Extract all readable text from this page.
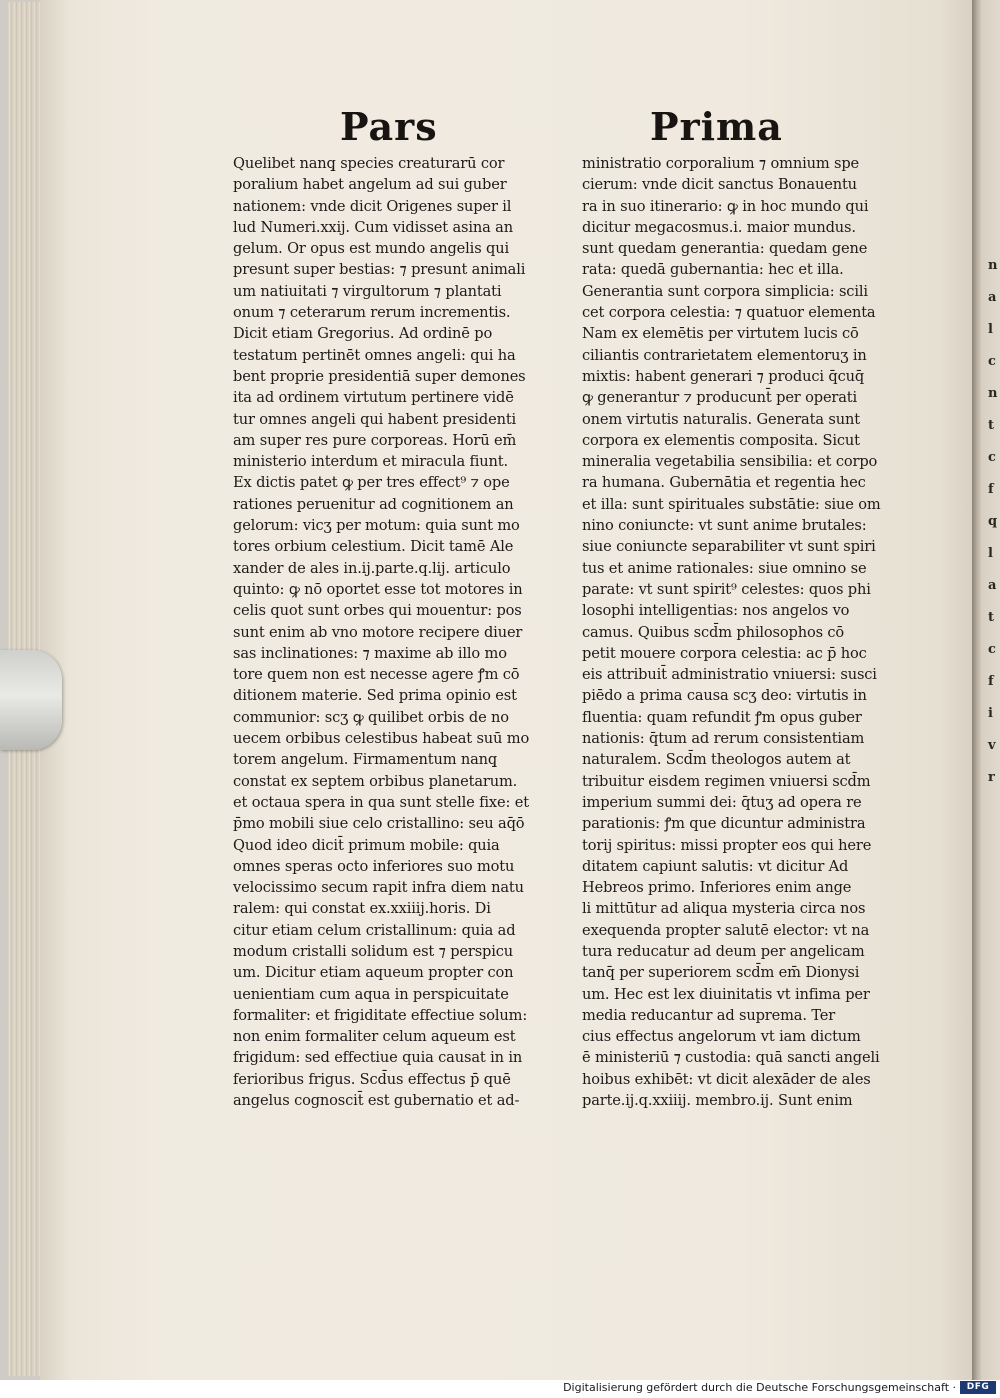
n
a
l
c
n
t
c
f
q
l
a
t
c
f
i
v
r
Pars	Prima
Quelibet nanq̧ species creaturarū cor
poralium habet angelum ad sui guber
nationem: vnde dicit Origenes super il
lud Numeri.xxij. Cum vidisset asina an
gelum. Or opus est mundo angelis qui
presunt super bestias: ⁊ presunt animali
um natiuitati ⁊ virgultorum ⁊ plantati
onum ⁊ ceterarum rerum incrementis.
Dicit etiam Gregorius. Ad ordinē po
testatum pertinēt omnes angeli: qui ha
bent proprie presidentiā super demones
ita ad ordinem virtutum pertinere vidē
tur omnes angeli qui habent presidenti
am super res pure corporeas. Horū em̄
ministerio interdum et miracula fiunt.
Ex dictis patet ꝙ per tres effect⁹ ⁊ ope
rationes peruenitur ad cognitionem an
gelorum: vicʒ per motum: quia sunt mo
tores orbium celestium. Dicit tamē Ale
xander de ales in.ij.parte.q.lij. articulo
quinto: ꝙ nō oportet esse tot motores in
celis quot sunt orbes qui mouentur: pos
sunt enim ab vno motore recipere diuer
sas inclinationes: ⁊ maxime ab illo mo
tore quem non est necesse agere ꝭm cō
ditionem materie. Sed prima opinio est
communior: scʒ ꝙ quilibet orbis de no
uecem orbibus celestibus habeat suū mo
torem angelum. Firmamentum nanq̧
constat ex septem orbibus planetarum.
et octaua spera in qua sunt stelle fixe: et
p̄mo mobili siue celo cristallino: seu aq̄ō
Quod ideo dicit̄ primum mobile: quia
omnes speras octo inferiores suo motu
velocissimo secum rapit infra diem natu
ralem: qui constat ex.xxiiij.horis. Di
citur etiam celum cristallinum: quia ad
modum cristalli solidum est ⁊ perspicu
um. Dicitur etiam aqueum propter con
uenientiam cum aqua in perspicuitate
formaliter: et frigiditate effectiue solum:
non enim formaliter celum aqueum est
frigidum: sed effectiue quia causat in in
ferioribus frigus. Scd̄us effectus p̄ quē
angelus cognoscit̄ est gubernatio et ad-
ministratio corporalium ⁊ omnium spe
cierum: vnde dicit sanctus Bonauentu
ra in suo itinerario: ꝙ in hoc mundo qui
dicitur megacosmus.i. maior mundus.
sunt quedam generantia: quedam gene
rata: quedā gubernantia: hec et illa.
Generantia sunt corpora simplicia: scili
cet corpora celestia: ⁊ quatuor elementa
Nam ex elemētis per virtutem lucis cō
ciliantis contrarietatem elementoruʒ in
mixtis: habent generari ⁊ produci q̄cuq̄
ꝙ generantur ⁊ producunt̄ per operati
onem virtutis naturalis. Generata sunt
corpora ex elementis composita. Sicut
mineralia vegetabilia sensibilia: et corpo
ra humana. Gubernātia et regentia hec
et illa: sunt spirituales substātie: siue om
nino coniuncte: vt sunt anime brutales:
siue coniuncte separabiliter vt sunt spiri
tus et anime rationales: siue omnino se
parate: vt sunt spirit⁹ celestes: quos phi
losophi intelligentias: nos angelos vo
camus. Quibus scd̄m philosophos cō
petit mouere corpora celestia: ac p̄ hoc
eis attribuit̄ administratio vniuersi: susci
piēdo a prima causa scʒ deo: virtutis in
fluentia: quam refundit ꝭm opus guber
nationis: q̄tum ad rerum consistentiam
naturalem. Scd̄m theologos autem at
tribuitur eisdem regimen vniuersi scd̄m
imperium summi dei: q̄tuʒ ad opera re
parationis: ꝭm que dicuntur administra
torij spiritus: missi propter eos qui here
ditatem capiunt salutis: vt dicitur Ad
Hebreos primo. Inferiores enim ange
li mittūtur ad aliqua mysteria circa nos
exequenda propter salutē elector: vt na
tura reducatur ad deum per angelicam
tanq̄ per superiorem scd̄m em̄ Dionysi
um. Hec est lex diuinitatis vt infima per
media reducantur ad suprema. Ter
cius effectus angelorum vt iam dictum
ē ministeriū ⁊ custodia: quā sancti angeli
hoibus exhibēt: vt dicit alexāder de ales
parte.ij.q.xxiiij. membro.ij. Sunt enim
Digitalisierung gefördert durch die Deutsche Forschungsgemeinschaft ·	DFG
